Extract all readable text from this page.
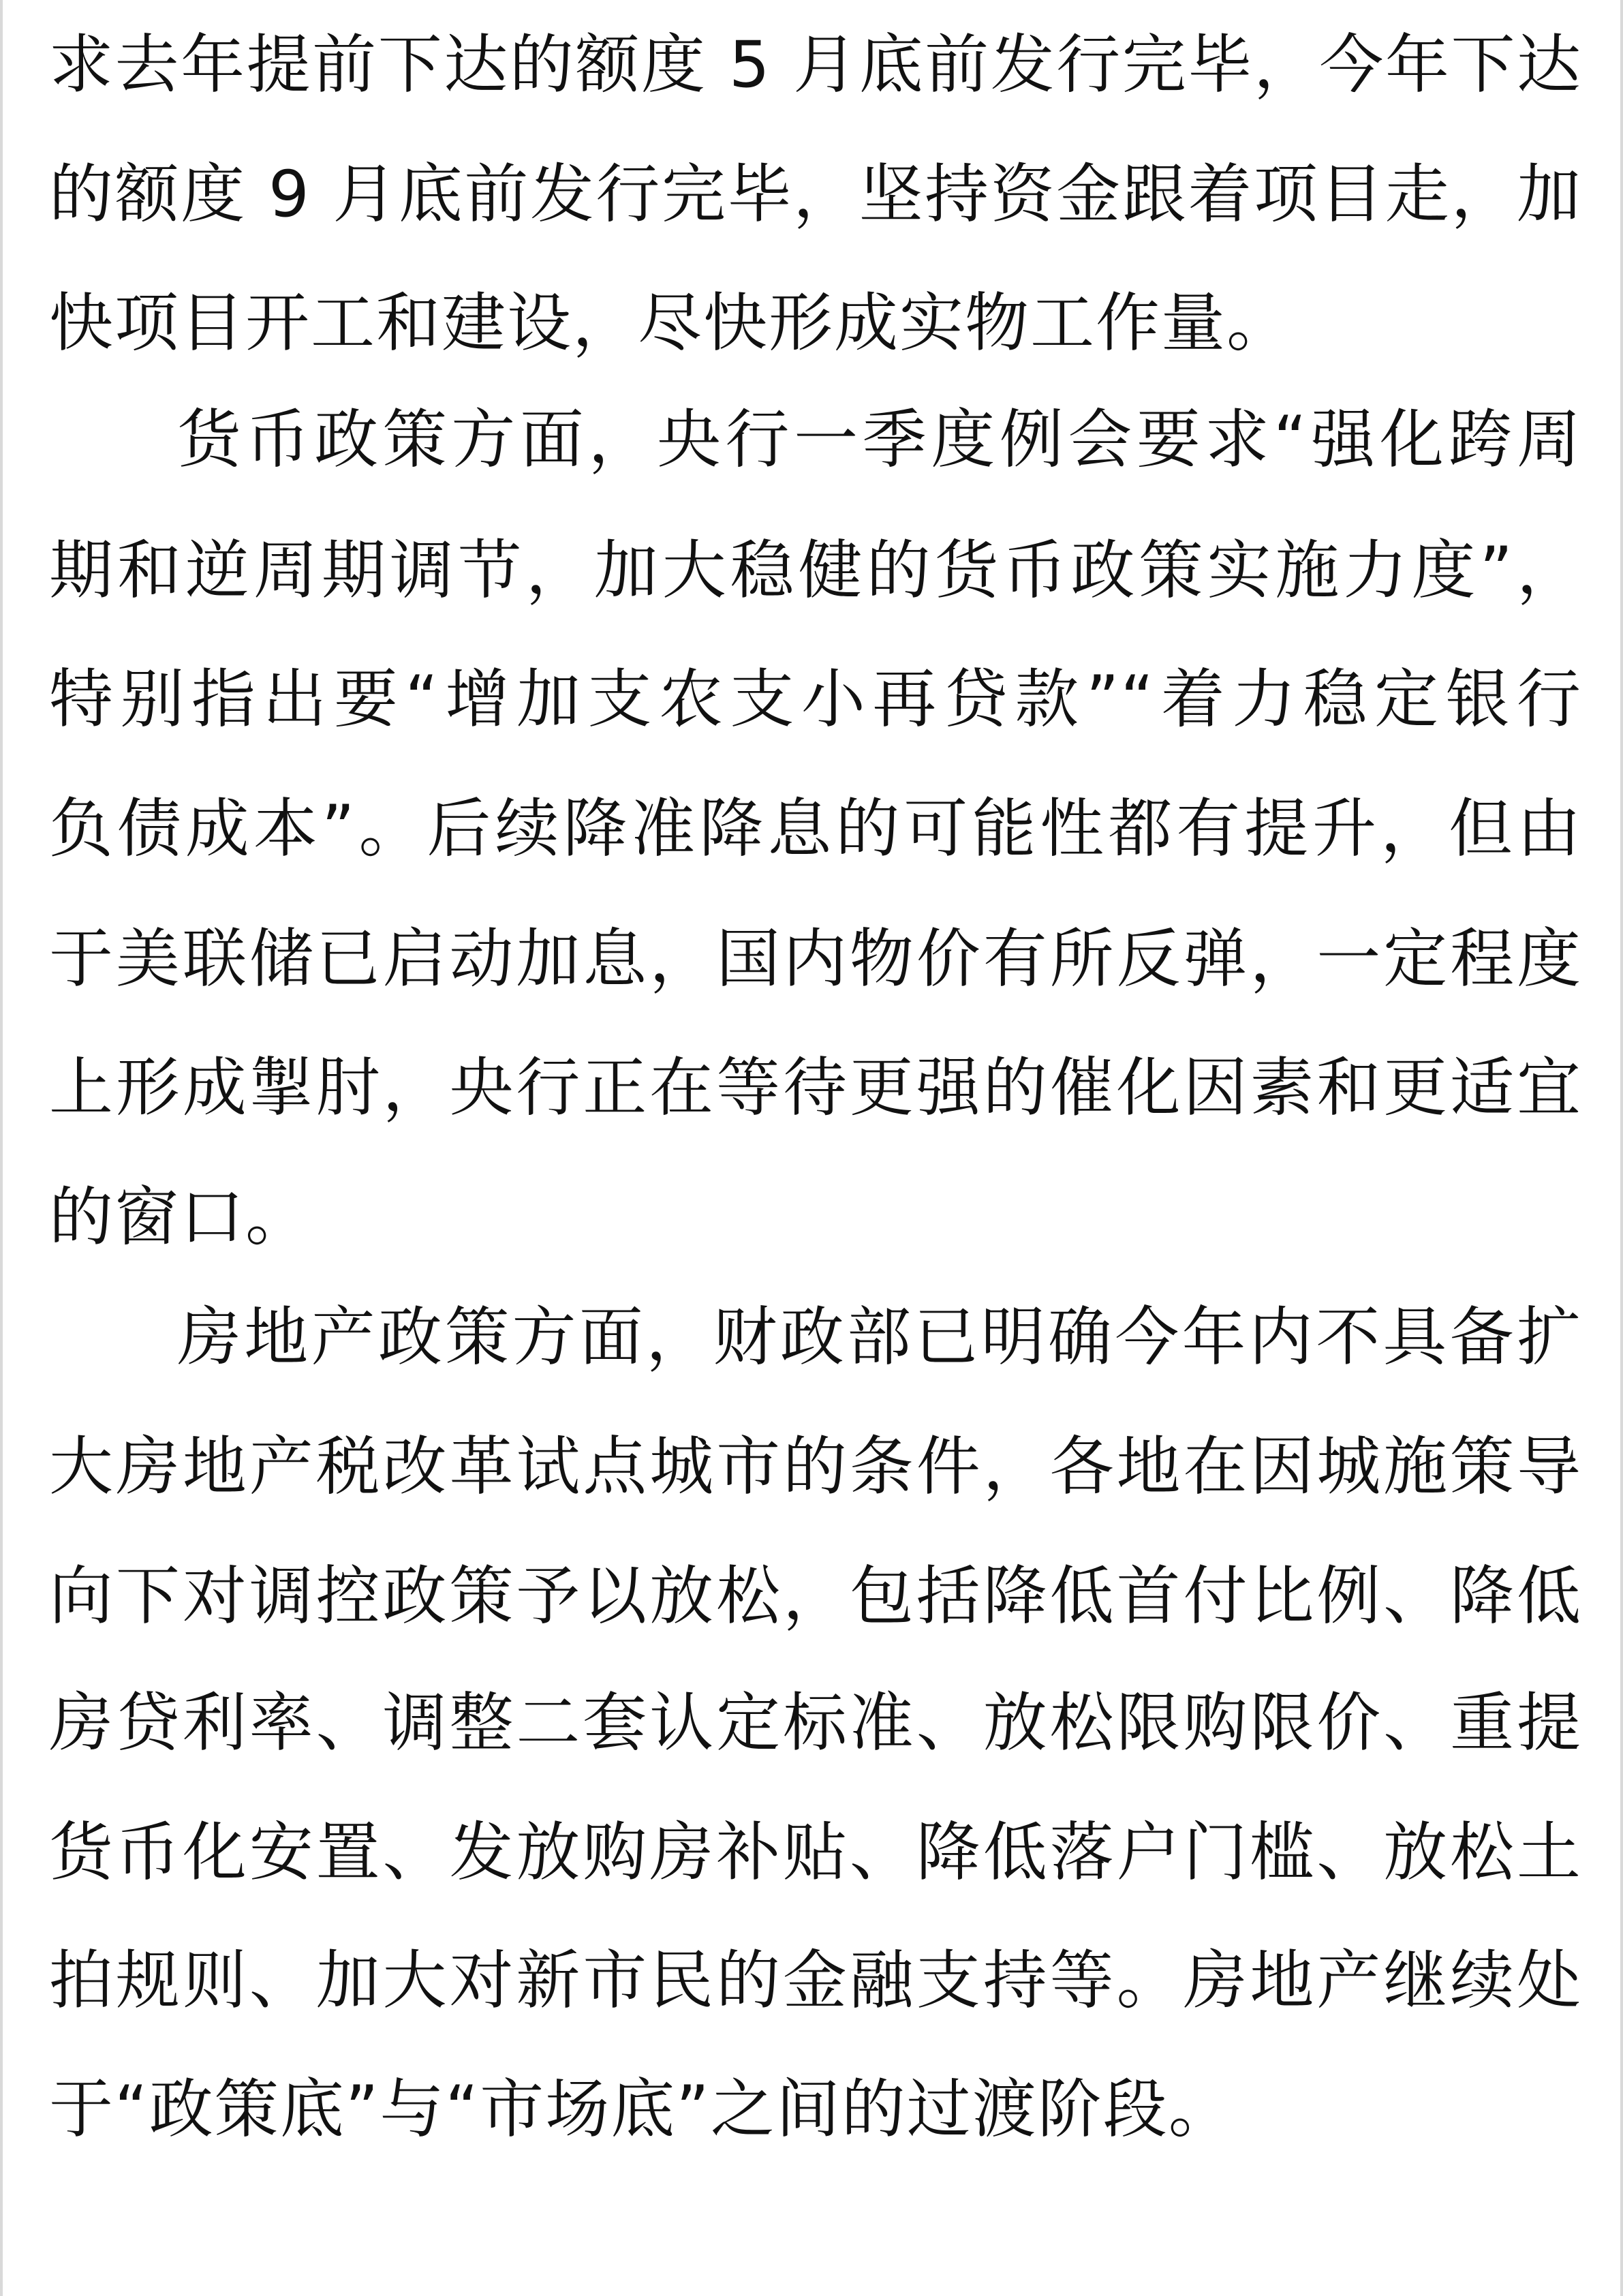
求去年提前下达的额度 5 月底前发行完毕，今年下达
的额度 9 月底前发行完毕，坚持资金跟着项目走，加
快项目开工和建设，尽快形成实物工作量。
货币政策方面，央行一季度例会要求“强化跨周
期和逆周期调节，加大稳健的货币政策实施力度”，
特别指出要“增加支农支小再贷款”“着力稳定银行
负债成本”。后续降准降息的可能性都有提升，但由
于美联储已启动加息，国内物价有所反弹，一定程度
上形成掣肘，央行正在等待更强的催化因素和更适宜
的窗口。
房地产政策方面，财政部已明确今年内不具备扩
大房地产税改革试点城市的条件，各地在因城施策导
向下对调控政策予以放松，包括降低首付比例、降低
房贷利率、调整二套认定标准、放松限购限价、重提
货币化安置、发放购房补贴、降低落户门槛、放松土
拍规则、加大对新市民的金融支持等。房地产继续处
于“政策底”与“市场底”之间的过渡阶段。
